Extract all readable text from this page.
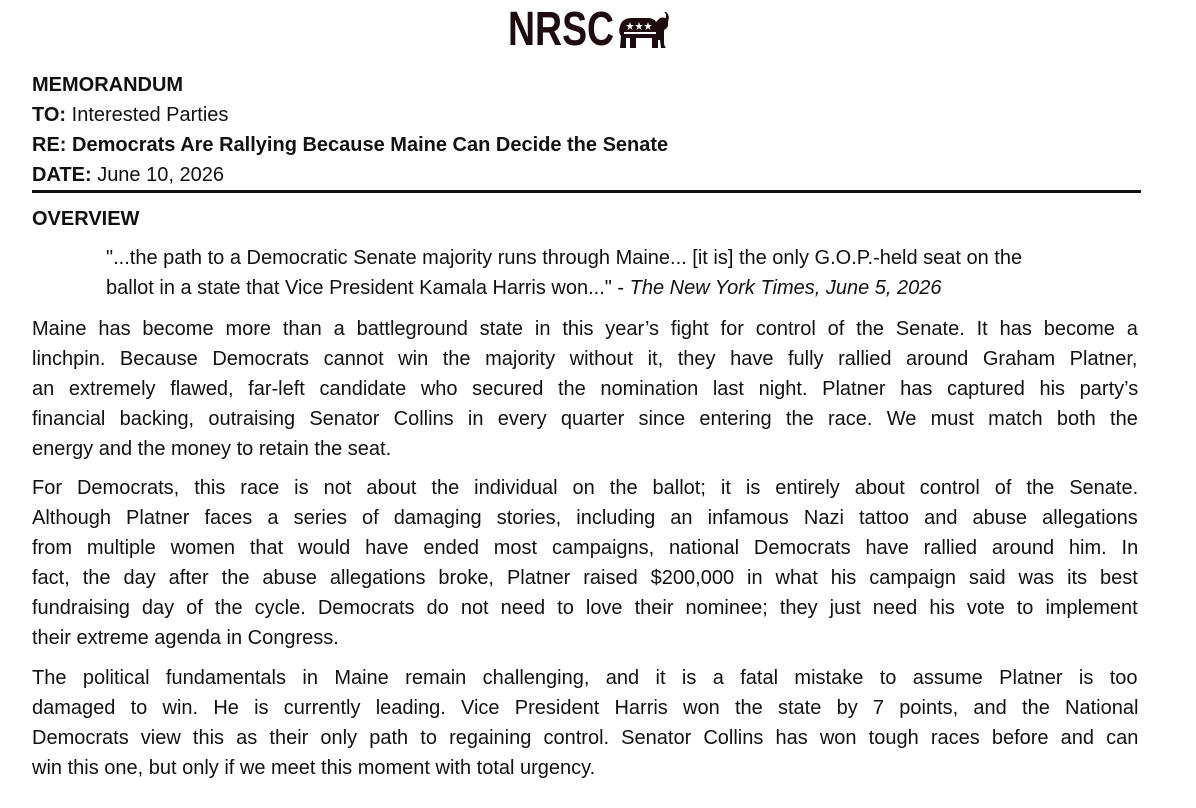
NRSC
MEMORANDUM
TO: Interested Parties
RE: Democrats Are Rallying Because Maine Can Decide the Senate
DATE: June 10, 2026
OVERVIEW
"...the path to a Democratic Senate majority runs through Maine... [it is] the only G.O.P.-held seat on the
ballot in a state that Vice President Kamala Harris won..." - The New York Times, June 5, 2026
Maine has become more than a battleground state in this year’s fight for control of the Senate. It has become a
linchpin. Because Democrats cannot win the majority without it, they have fully rallied around Graham Platner,
an extremely flawed, far-left candidate who secured the nomination last night. Platner has captured his party’s
financial backing, outraising Senator Collins in every quarter since entering the race. We must match both the
energy and the money to retain the seat.
For Democrats, this race is not about the individual on the ballot; it is entirely about control of the Senate.
Although Platner faces a series of damaging stories, including an infamous Nazi tattoo and abuse allegations
from multiple women that would have ended most campaigns, national Democrats have rallied around him. In
fact, the day after the abuse allegations broke, Platner raised $200,000 in what his campaign said was its best
fundraising day of the cycle. Democrats do not need to love their nominee; they just need his vote to implement
their extreme agenda in Congress.
The political fundamentals in Maine remain challenging, and it is a fatal mistake to assume Platner is too
damaged to win. He is currently leading. Vice President Harris won the state by 7 points, and the National
Democrats view this as their only path to regaining control. Senator Collins has won tough races before and can
win this one, but only if we meet this moment with total urgency.
